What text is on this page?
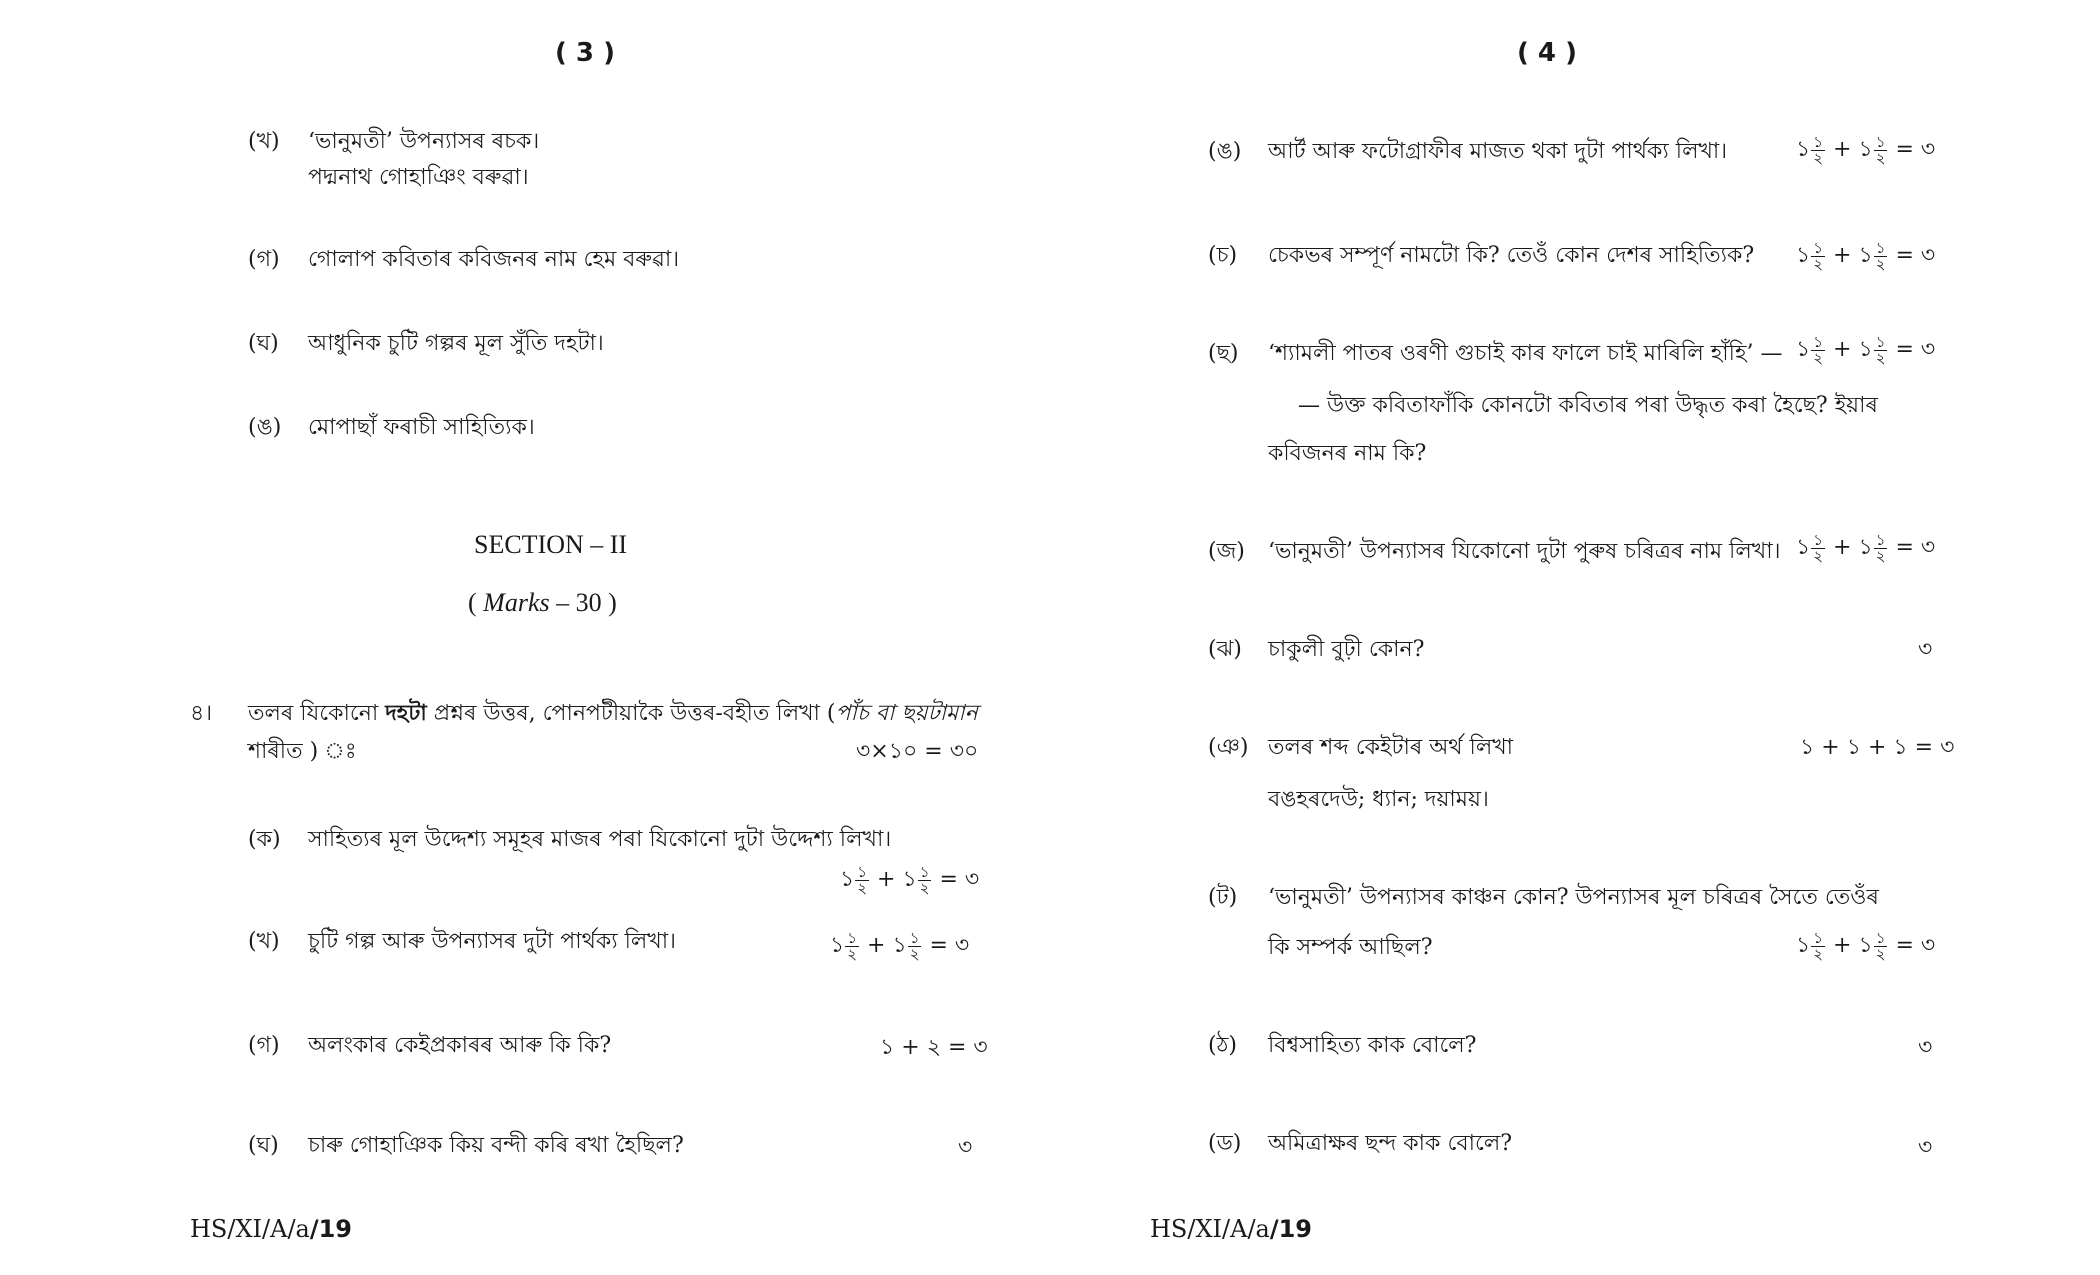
( 3 )	( 4 )
(খ) ‘ভানুমতী’ উপন্যাসৰ ৰচক।
পদ্মনাথ গোহাঞিং বৰুৱা।
(গ) গোলাপ কবিতাৰ কবিজনৰ নাম হেম বৰুৱা।
(ঘ) আধুনিক চুটি গল্পৰ মূল সুঁতি দহটা।
(ঙ) মোপাছাঁ ফৰাচী সাহিত্যিক।
SECTION – II
( Marks – 30 )
৪। তলৰ যিকোনো দহটা প্ৰশ্নৰ উত্তৰ, পোনপটীয়াকৈ উত্তৰ-বহীত লিখা (পাঁচ বা ছয়টামান
শাৰীত ) ঃ	৩×১০ = ৩০
(ক) সাহিত্যৰ মূল উদ্দেশ্য সমূহৰ মাজৰ পৰা যিকোনো দুটা উদ্দেশ্য লিখা।
১ $\frac{১}{২}$ + ১ $\frac{১}{২}$ = ৩
(খ) চুটি গল্প আৰু উপন্যাসৰ দুটা পাৰ্থক্য লিখা।	১ $\frac{১}{২}$ + ১ $\frac{১}{২}$ = ৩
(গ) অলংকাৰ কেইপ্ৰকাৰৰ আৰু কি কি?	১ + ২ = ৩
(ঘ) চাৰু গোহাঞিক কিয় বন্দী কৰি ৰখা হৈছিল?	৩
HS/XI/A/a/19
(ঙ) আৰ্ট আৰু ফটোগ্ৰাফীৰ মাজত থকা দুটা পাৰ্থক্য লিখা।	১ $\frac{১}{২}$ + ১ $\frac{১}{২}$ = ৩
(চ) চেকভৰ সম্পূৰ্ণ নামটো কি? তেওঁ কোন দেশৰ সাহিত্যিক? ১ $\frac{১}{২}$ + ১ $\frac{১}{২}$ = ৩
(ছ) ‘শ্যামলী পাতৰ ওৰণী গুচাই কাৰ ফালে চাই মাৰিলি হাঁহি’ — ১ $\frac{১}{২}$ + ১ $\frac{১}{২}$ = ৩
— উক্ত কবিতাফাঁকি কোনটো কবিতাৰ পৰা উদ্ধৃত কৰা হৈছে? ইয়াৰ
কবিজনৰ নাম কি?
(জ) ‘ভানুমতী’ উপন্যাসৰ যিকোনো দুটা পুৰুষ চৰিত্ৰৰ নাম লিখা। ১ $\frac{১}{২}$ + ১ $\frac{১}{২}$ = ৩
(ঝ) চাকুলী বুঢ়ী কোন?	৩
(ঞ) তলৰ শব্দ কেইটাৰ অৰ্থ লিখা	১ + ১ + ১ = ৩
বঙহৰদেউ; ধ্যান; দয়াময়।
(ট) ‘ভানুমতী’ উপন্যাসৰ কাঞ্চন কোন? উপন্যাসৰ মূল চৰিত্ৰৰ সৈতে তেওঁৰ
কি সম্পৰ্ক আছিল?	১ $\frac{১}{২}$ + ১ $\frac{১}{২}$ = ৩
(ঠ) বিশ্বসাহিত্য কাক বোলে?	৩
(ড) অমিত্ৰাক্ষৰ ছন্দ কাক বোলে?	৩
HS/XI/A/a/19
